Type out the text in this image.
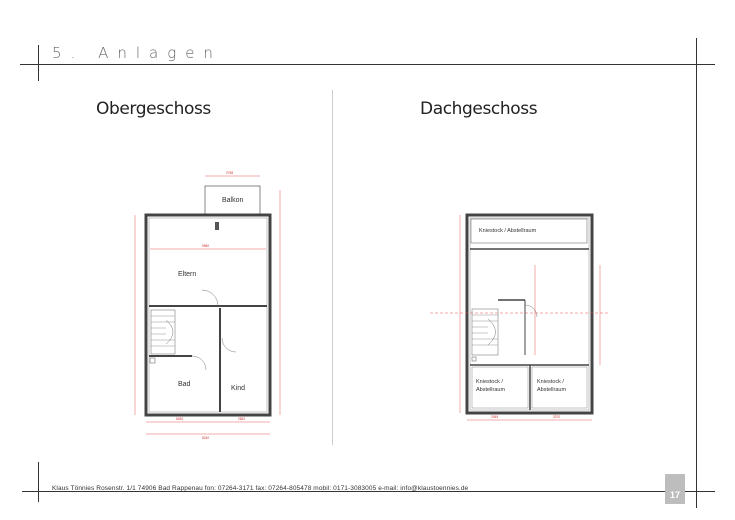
5. Anlagen
Obergeschoss	Dachgeschoss
2758
5980
5450	2652
8240
Balkon
Eltern
Bad
Kind
2945	3370
Kniestock / Abstellraum
Kniestock /
Abstellraum
Kniestock /
Abstellraum
Klaus Tönnies Rosenstr. 1/1 74906 Bad Rappenau fon: 07264-3171 fax: 07264-805478 mobil: 0171-3083005 e-mail: info@klaustoennies.de
17
